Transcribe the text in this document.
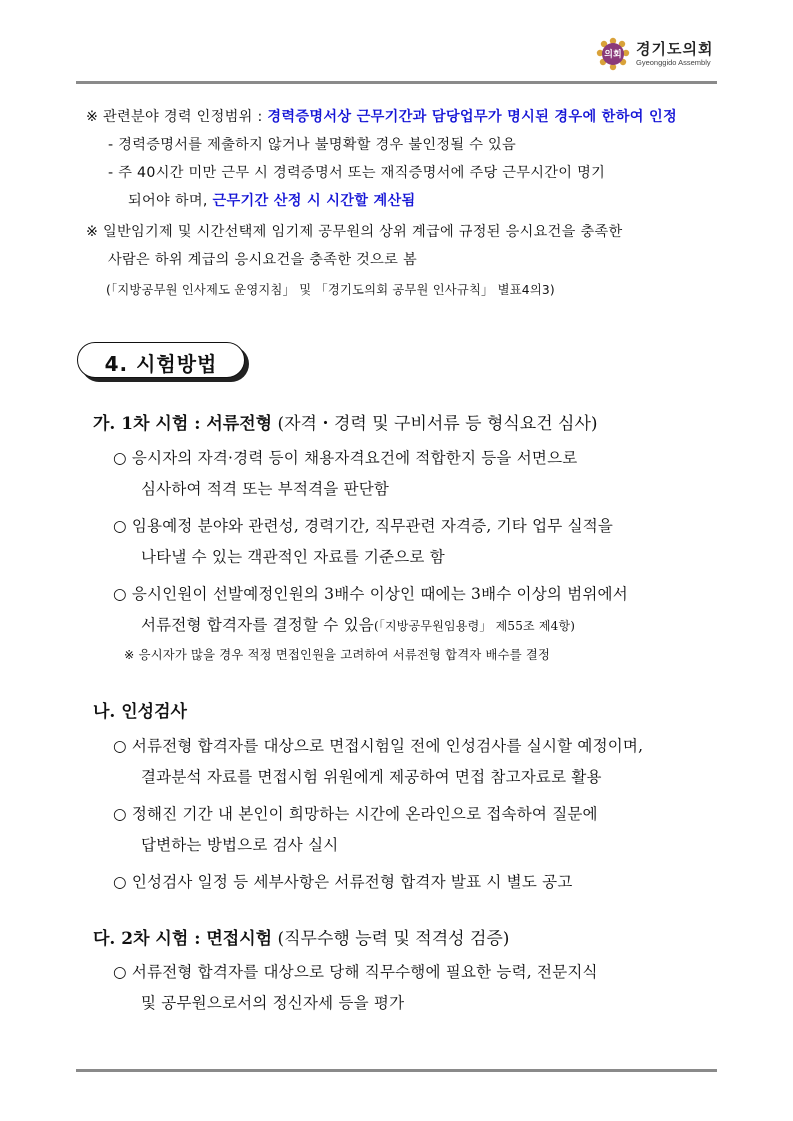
의회 경기도의회
Gyeonggido Assembly
※ 관련분야 경력 인정범위 : 경력증명서상 근무기간과 담당업무가 명시된 경우에 한하여 인정
- 경력증명서를 제출하지 않거나 불명확할 경우 불인정될 수 있음
- 주 40시간 미만 근무 시 경력증명서 또는 재직증명서에 주당 근무시간이 명기
되어야 하며, 근무기간 산정 시 시간할 계산됨
※ 일반임기제 및 시간선택제 임기제 공무원의 상위 계급에 규정된 응시요건을 충족한
사람은 하위 계급의 응시요건을 충족한 것으로 봄
(「지방공무원 인사제도 운영지침」 및 「경기도의회 공무원 인사규칙」 별표4의3)
4. 시험방법
가. 1차 시험 : 서류전형 (자격・경력 및 구비서류 등 형식요건 심사)
○ 응시자의 자격·경력 등이 채용자격요건에 적합한지 등을 서면으로
심사하여 적격 또는 부적격을 판단함
○ 임용예정 분야와 관련성, 경력기간, 직무관련 자격증, 기타 업무 실적을
나타낼 수 있는 객관적인 자료를 기준으로 함
○ 응시인원이 선발예정인원의 3배수 이상인 때에는 3배수 이상의 범위에서
서류전형 합격자를 결정할 수 있음(「지방공무원임용령」 제55조 제4항)
※ 응시자가 많을 경우 적정 면접인원을 고려하여 서류전형 합격자 배수를 결정
나. 인성검사
○ 서류전형 합격자를 대상으로 면접시험일 전에 인성검사를 실시할 예정이며,
결과분석 자료를 면접시험 위원에게 제공하여 면접 참고자료로 활용
○ 정해진 기간 내 본인이 희망하는 시간에 온라인으로 접속하여 질문에
답변하는 방법으로 검사 실시
○ 인성검사 일정 등 세부사항은 서류전형 합격자 발표 시 별도 공고
다. 2차 시험 : 면접시험 (직무수행 능력 및 적격성 검증)
○ 서류전형 합격자를 대상으로 당해 직무수행에 필요한 능력, 전문지식
및 공무원으로서의 정신자세 등을 평가
